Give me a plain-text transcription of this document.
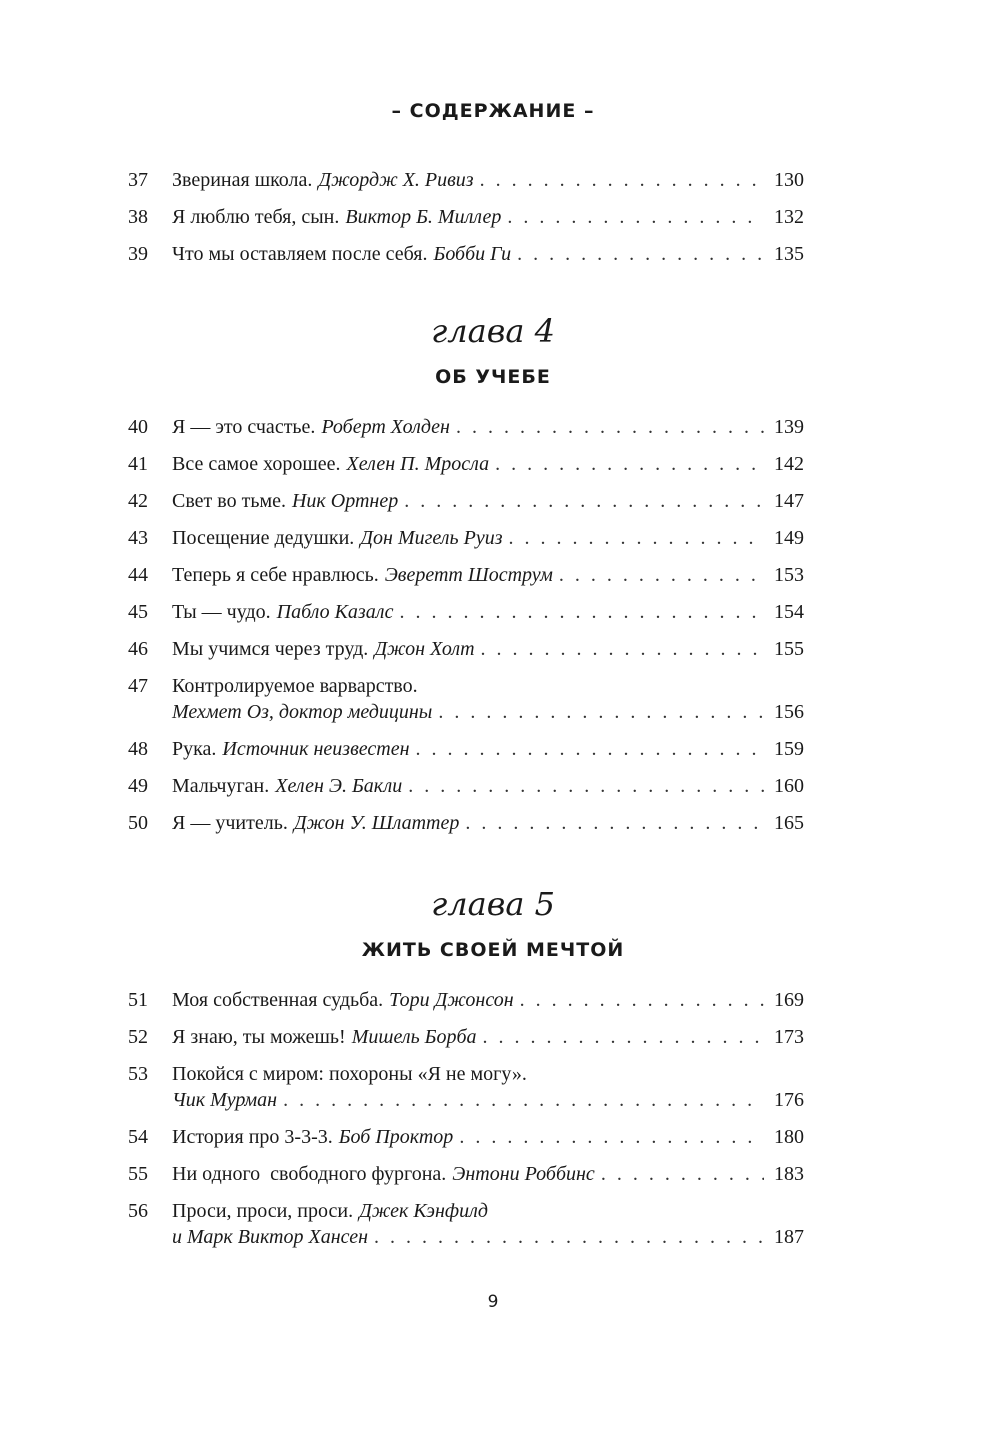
– СОДЕРЖАНИЕ –
37	Звериная школа. Джордж Х. Ривиз . . .	130
38	Я люблю тебя, сын. Виктор Б. Миллер . . .	132
39	Что мы оставляем после себя. Бобби Ги . . .	135
глава 4
ОБ УЧЕБЕ
40	Я — это счастье. Роберт Холден . . .	139
41	Все самое хорошее. Хелен П. Мросла . . .	142
42	Свет во тьме. Ник Ортнер . . .	147
43	Посещение дедушки. Дон Мигель Руиз . . .	149
44	Теперь я себе нравлюсь. Эверетт Шострум . . .	153
45	Ты — чудо. Пабло Казалс . . .	154
46	Мы учимся через труд. Джон Холт . . .	155
47	Контролируемое варварство.
Мехмет Оз, доктор медицины . . .	156
48	Рука. Источник неизвестен . . .	159
49	Мальчуган. Хелен Э. Бакли . . .	160
50	Я — учитель. Джон У. Шлаттер . . .	165
глава 5
ЖИТЬ СВОЕЙ МЕЧТОЙ
51	Моя собственная судьба. Тори Джонсон . . .	169
52	Я знаю, ты можешь! Мишель Борба . . .	173
53	Покойся с миром: похороны «Я не могу».
Чик Мурман . . .	176
54	История про 3-3-3. Боб Проктор . . .	180
55	Ни одного  свободного фургона. Энтони Роббинс . . .	183
56	Проси, проси, проси. Джек Кэнфилд
и Марк Виктор Хансен . . .	187
9
